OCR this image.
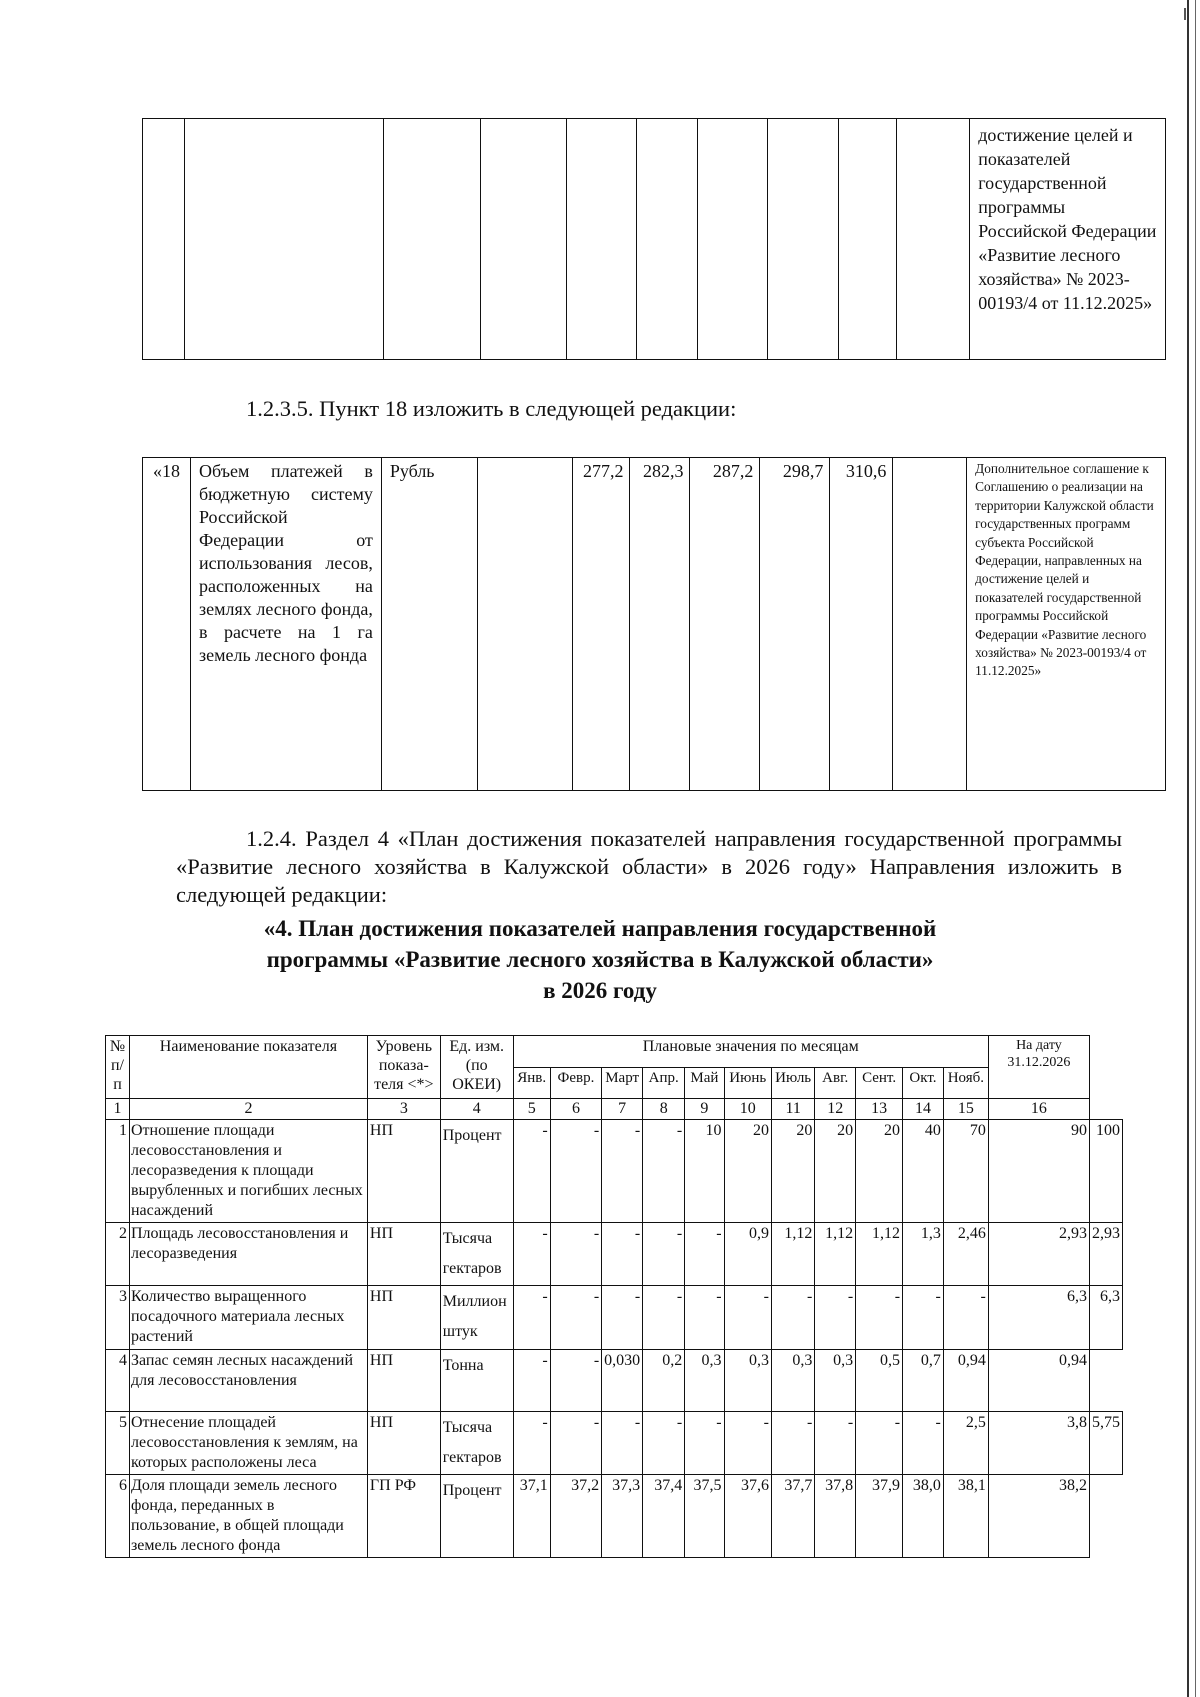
										достижение целей и показателей государственной программы Российской Федерации «Развитие лесного хозяйства» № 2023-00193/4 от 11.12.2025»

1.2.3.5. Пункт 18 изложить в следующей редакции:

«18	Объем платежей в бюджетную систему Российской Федерации от использования лесов, расположенных на землях лесного фонда, в расчете на 1 га земель лесного фонда	Рубль		277,2	282,3	287,2	298,7	310,6		Дополнительное соглашение к Соглашению о реализации на территории Калужской области государственных программ субъекта Российской Федерации, направленных на достижение целей и показателей государственной программы Российской Федерации «Развитие лесного хозяйства» № 2023-00193/4 от 11.12.2025»

1.2.4. Раздел 4 «План достижения показателей направления государственной программы «Развитие лесного хозяйства в Калужской области» в 2026 году» Направления изложить в следующей редакции:

«4. План достижения показателей направления государственной
программы «Развитие лесного хозяйства в Калужской области»
в 2026 году
№ п/п	Наименование показателя	Уровень показа-теля <*>	Ед. изм. (по ОКЕИ)	Плановые значения по месяцам											На дату 31.12.2026	
				Янв.	Февр.	Март	Апр.	Май	Июнь	Июль	Авг.	Сент.	Окт.	Нояб.		
1	2	3	4	5	6	7	8	9	10	11	12	13	14	15	16	
1	Отношение площади лесовосстановления и лесоразведения к площади вырубленных и погибших лесных насаждений	НП	Процент	-	-	-	-	10	20	20	20	20	40	70	90	100
2	Площадь лесовосстановления и лесоразведения	НП	Тысяча гектаров	-	-	-	-	-	0,9	1,12	1,12	1,12	1,3	2,46	2,93	2,93
3	Количество выращенного посадочного материала лесных растений	НП	Миллион штук	-	-	-	-	-	-	-	-	-	-	-	6,3	6,3
4	Запас семян лесных насаждений для лесовосстановления	НП	Тонна	-	-	0,030	0,2	0,3	0,3	0,3	0,3	0,5	0,7	0,94	0,94	
5	Отнесение площадей лесовосстановления к землям, на которых расположены леса	НП	Тысяча гектаров	-	-	-	-	-	-	-	-	-	-	2,5	3,8	5,75
6	Доля площади земель лесного фонда, переданных в пользование, в общей площади земель лесного фонда	ГП РФ	Процент	37,1	37,2	37,3	37,4	37,5	37,6	37,7	37,8	37,9	38,0	38,1	38,2	
